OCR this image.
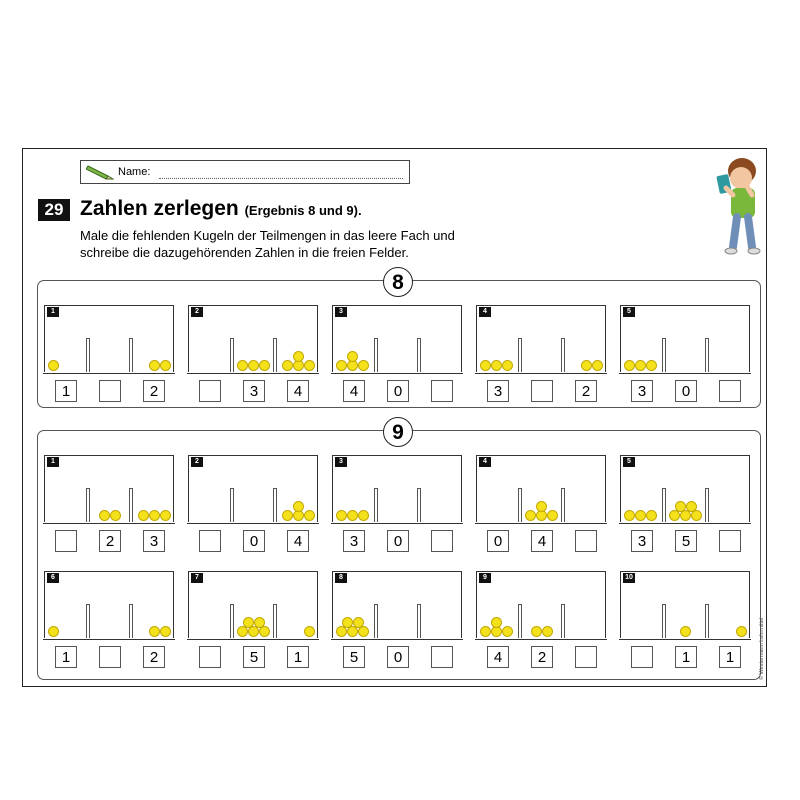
Name:
29 Zahlen zerlegen (Ergebnis 8 und 9).
Male die fehlenden Kugeln der Teilmengen in das leere Fach und
schreibe die dazugehörenden Zahlen in die freien Felder.
8
1
1	2
2
3	4
3
4	0
4
3	2
5
3	0
9
1
2	3
2
0	4
3
3	0
4
0	4
5
3	5
6
1	2
7
5	1
8
5	0
9
4	2
10
1	1	© Westermann Lehrmittel
